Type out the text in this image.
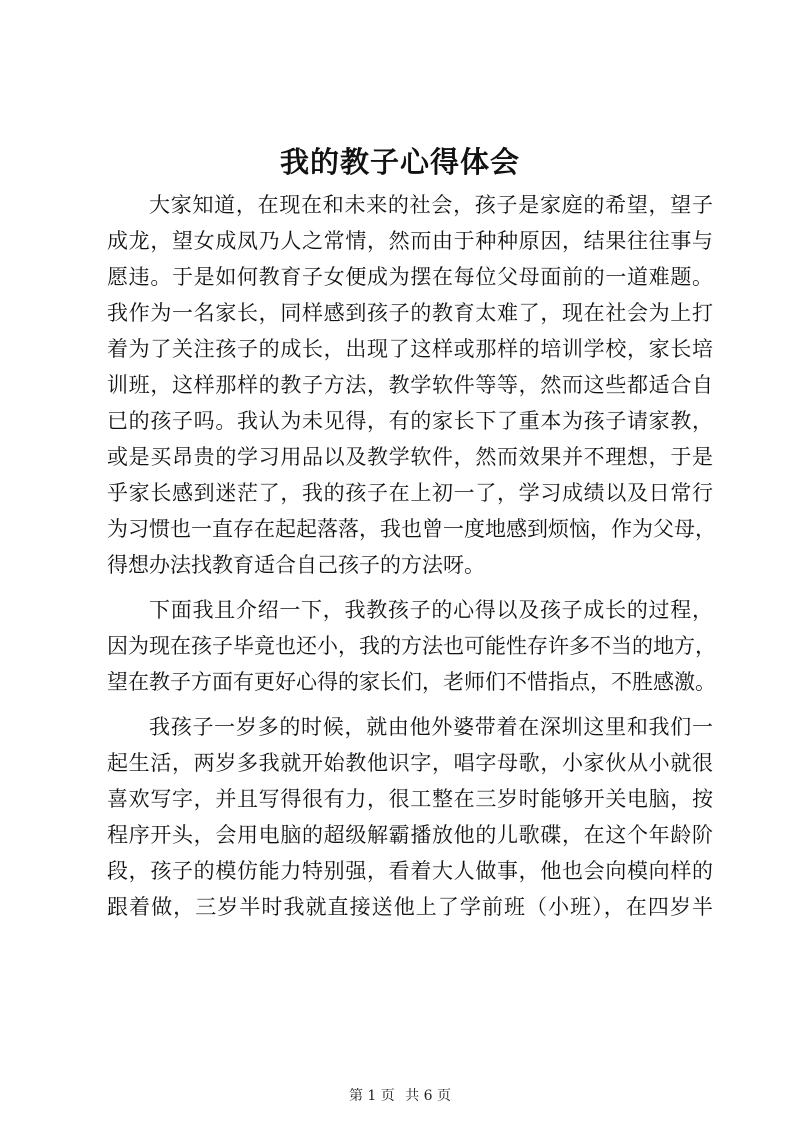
我的教子心得体会
大家知道，在现在和未来的社会，孩子是家庭的希望，望子
成龙，望女成凤乃人之常情，然而由于种种原因，结果往往事与
愿违。于是如何教育子女便成为摆在每位父母面前的一道难题。
我作为一名家长，同样感到孩子的教育太难了，现在社会为上打
着为了关注孩子的成长，出现了这样或那样的培训学校，家长培
训班，这样那样的教子方法，教学软件等等，然而这些都适合自
已的孩子吗。我认为未见得，有的家长下了重本为孩子请家教，
或是买昂贵的学习用品以及教学软件，然而效果并不理想，于是
乎家长感到迷茫了，我的孩子在上初一了，学习成绩以及日常行
为习惯也一直存在起起落落，我也曾一度地感到烦恼，作为父母，
得想办法找教育适合自己孩子的方法呀。
下面我且介绍一下，我教孩子的心得以及孩子成长的过程，
因为现在孩子毕竟也还小，我的方法也可能性存许多不当的地方，
望在教子方面有更好心得的家长们，老师们不惜指点，不胜感激。
我孩子一岁多的时候，就由他外婆带着在深圳这里和我们一
起生活，两岁多我就开始教他识字，唱字母歌，小家伙从小就很
喜欢写字，并且写得很有力，很工整在三岁时能够开关电脑，按
程序开头，会用电脑的超级解霸播放他的儿歌碟，在这个年龄阶
段，孩子的模仿能力特别强，看着大人做事，他也会向模向样的
跟着做，三岁半时我就直接送他上了学前班（小班），在四岁半
第 1 页 共 6 页
